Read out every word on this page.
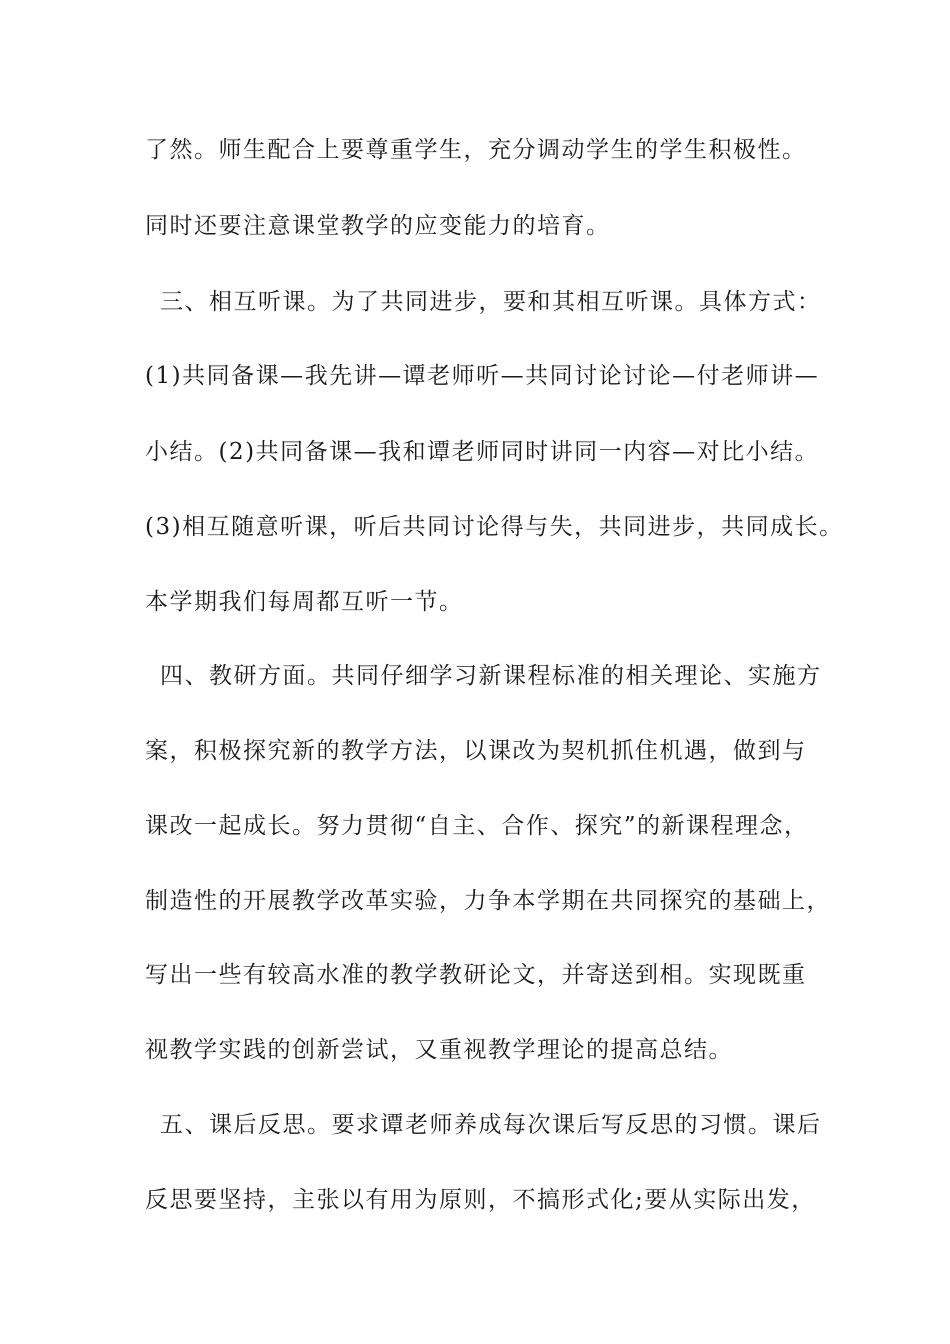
了然。师生配合上要尊重学生，充分调动学生的学生积极性。
同时还要注意课堂教学的应变能力的培育。
三、相互听课。为了共同进步，要和其相互听课。具体方式：
(1)共同备课—我先讲—谭老师听—共同讨论讨论—付老师讲—
小结。(2)共同备课—我和谭老师同时讲同一内容—对比小结。
(3)相互随意听课，听后共同讨论得与失，共同进步，共同成长。
本学期我们每周都互听一节。
四、教研方面。共同仔细学习新课程标准的相关理论、实施方
案，积极探究新的教学方法，以课改为契机抓住机遇，做到与
课改一起成长。努力贯彻“自主、合作、探究”的新课程理念，
制造性的开展教学改革实验，力争本学期在共同探究的基础上，
写出一些有较高水准的教学教研论文，并寄送到相。实现既重
视教学实践的创新尝试，又重视教学理论的提高总结。
五、课后反思。要求谭老师养成每次课后写反思的习惯。课后
反思要坚持，主张以有用为原则，不搞形式化;要从实际出发，
